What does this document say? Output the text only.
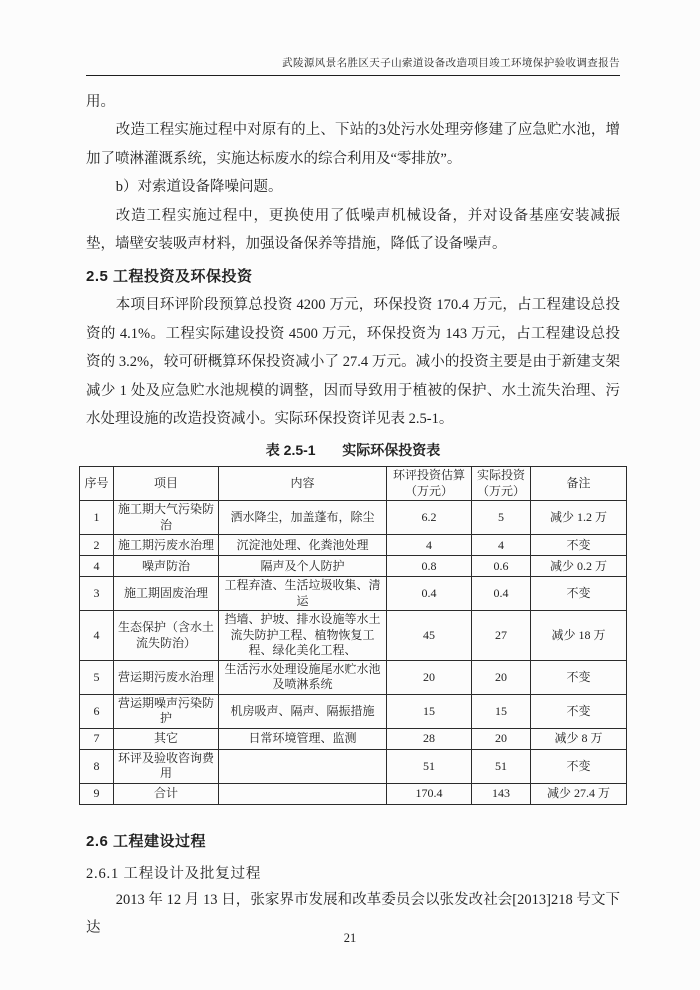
武陵源风景名胜区天子山索道设备改造项目竣工环境保护验收调查报告

用。

改造工程实施过程中对原有的上、下站的3处污水处理旁修建了应急贮水池，增加了喷淋灌溉系统，实施达标废水的综合利用及“零排放”。

b）对索道设备降噪问题。

改造工程实施过程中，更换使用了低噪声机械设备，并对设备基座安装减振垫，墙壁安装吸声材料，加强设备保养等措施，降低了设备噪声。

2.5 工程投资及环保投资

本项目环评阶段预算总投资 4200 万元，环保投资 170.4 万元，占工程建设总投资的 4.1%。工程实际建设投资 4500 万元，环保投资为 143 万元，占工程建设总投资的 3.2%，较可研概算环保投资减小了 27.4 万元。减小的投资主要是由于新建支架减少 1 处及应急贮水池规模的调整，因而导致用于植被的保护、水土流失治理、污水处理设施的改造投资减小。实际环保投资详见表 2.5-1。

表 2.5-1 实际环保投资表
序号	项目	内容	环评投资估算（万元）	实际投资（万元）	备注
1	施工期大气污染防治	洒水降尘，加盖蓬布，除尘	6.2	5	减少 1.2 万
2	施工期污废水治理	沉淀池处理、化粪池处理	4	4	不变
4	噪声防治	隔声及个人防护	0.8	0.6	减少 0.2 万
3	施工期固废治理	工程弃渣、生活垃圾收集、清运	0.4	0.4	不变
4	生态保护（含水土流失防治）	挡墙、护坡、排水设施等水土流失防护工程、植物恢复工程、绿化美化工程、	45	27	减少 18 万
5	营运期污废水治理	生活污水处理设施尾水贮水池及喷淋系统	20	20	不变
6	营运期噪声污染防护	机房吸声、隔声、隔振措施	15	15	不变
7	其它	日常环境管理、监测	28	20	减少 8 万
8	环评及验收咨询费用		51	51	不变
9	合计		170.4	143	减少 27.4 万
2.6 工程建设过程
2.6.1 工程设计及批复过程

2013 年 12 月 13 日，张家界市发展和改革委员会以张发改社会[2013]218 号文下达

21
